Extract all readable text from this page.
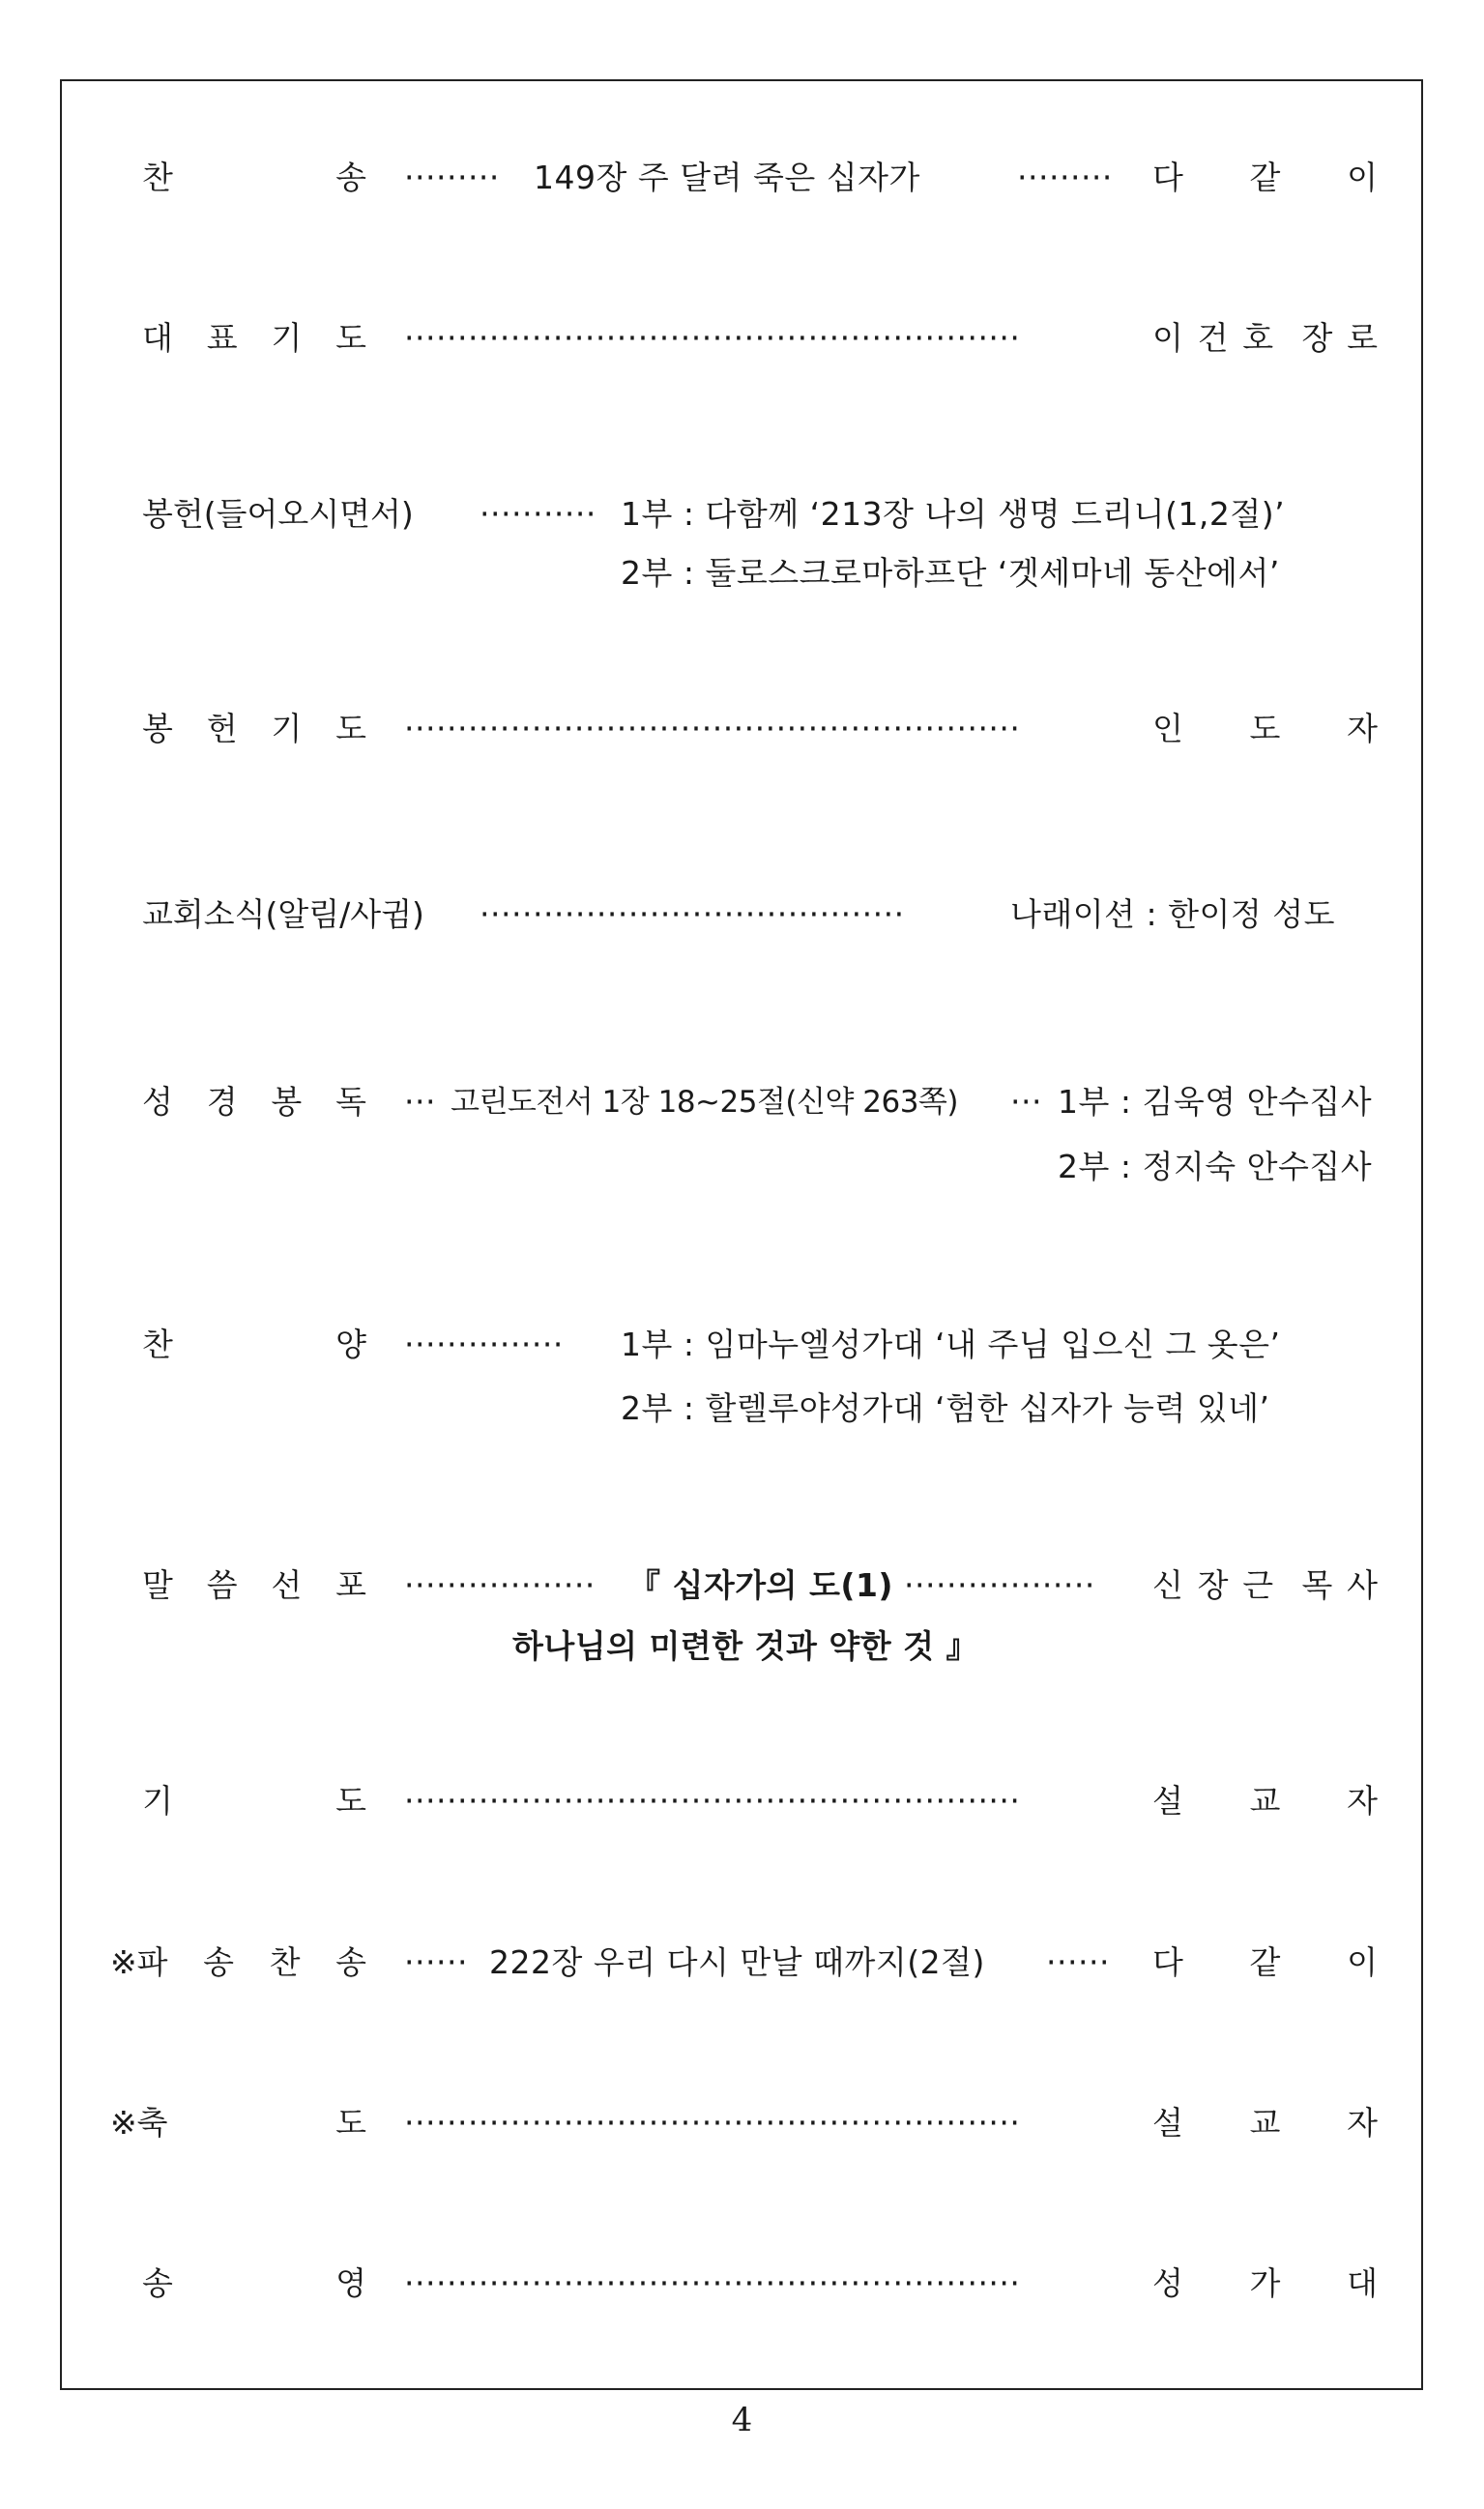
찬	송 ········· 149장 주 달려 죽은 십자가	········· 다 같 이
대 표 기 도 ··························································	이 건 호 장 로
봉헌(들어오시면서) ··········· 1부 : 다함께 ‘213장 나의 생명 드리니(1,2절)’
2부 : 둘로스크로마하프단 ‘겟세마네 동산에서’
봉 헌 기 도 ··························································	인 도 자
교회소식(알림/사귐) ········································	나래이션 : 한이정 성도
성 경 봉 독 ··· 고린도전서 1장 18~25절(신약 263쪽) ··· 1부 : 김욱영 안수집사
2부 : 정지숙 안수집사
찬	양 ··············· 1부 : 임마누엘성가대 ‘내 주님 입으신 그 옷은’
2부 : 할렐루야성가대 ‘험한 십자가 능력 있네’
말 씀 선 포 ·················· 『 십자가의 도(1) ·················· 신 장 근 목 사
하나님의 미련한 것과 약한 것 』
기	도 ··························································	설 교 자
※파 송 찬 송 ······ 222장 우리 다시 만날 때까지(2절) ······ 다 같 이
※축	도 ··························································	설 교 자
송	영 ··························································	성 가 대
4
